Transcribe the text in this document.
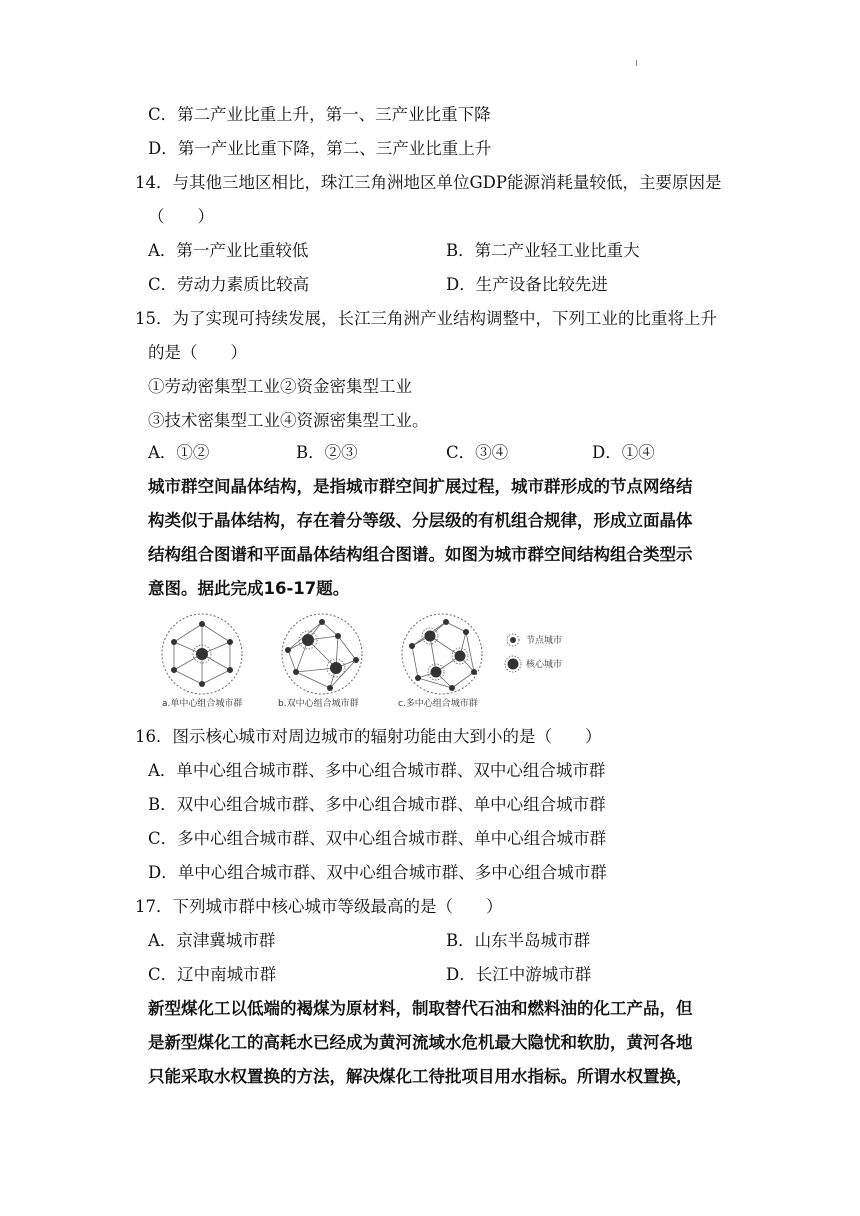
C．第二产业比重上升，第一、三产业比重下降
D．第一产业比重下降，第二、三产业比重上升
14．与其他三地区相比，珠江三角洲地区单位GDP能源消耗量较低，主要原因是
（　　）
A．第一产业比重较低	B．第二产业轻工业比重大
C．劳动力素质比较高	D．生产设备比较先进
15．为了实现可持续发展，长江三角洲产业结构调整中，下列工业的比重将上升
的是（　　）
①劳动密集型工业②资金密集型工业
③技术密集型工业④资源密集型工业。
A．①②	B．②③	C．③④	D．①④
城市群空间晶体结构，是指城市群空间扩展过程，城市群形成的节点网络结
构类似于晶体结构，存在着分等级、分层级的有机组合规律，形成立面晶体
结构组合图谱和平面晶体结构组合图谱。如图为城市群空间结构组合类型示
意图。据此完成16-17题。
a.单中心组合城市群	b.双中心组合城市群	c.多中心组合城市群
节点城市
核心城市
16．图示核心城市对周边城市的辐射功能由大到小的是（　　）
A．单中心组合城市群、多中心组合城市群、双中心组合城市群
B．双中心组合城市群、多中心组合城市群、单中心组合城市群
C．多中心组合城市群、双中心组合城市群、单中心组合城市群
D．单中心组合城市群、双中心组合城市群、多中心组合城市群
17．下列城市群中核心城市等级最高的是（　　）
A．京津冀城市群	B．山东半岛城市群
C．辽中南城市群	D．长江中游城市群
新型煤化工以低端的褐煤为原材料，制取替代石油和燃料油的化工产品，但
是新型煤化工的高耗水已经成为黄河流域水危机最大隐忧和软肋，黄河各地
只能采取水权置换的方法，解决煤化工待批项目用水指标。所谓水权置换，
